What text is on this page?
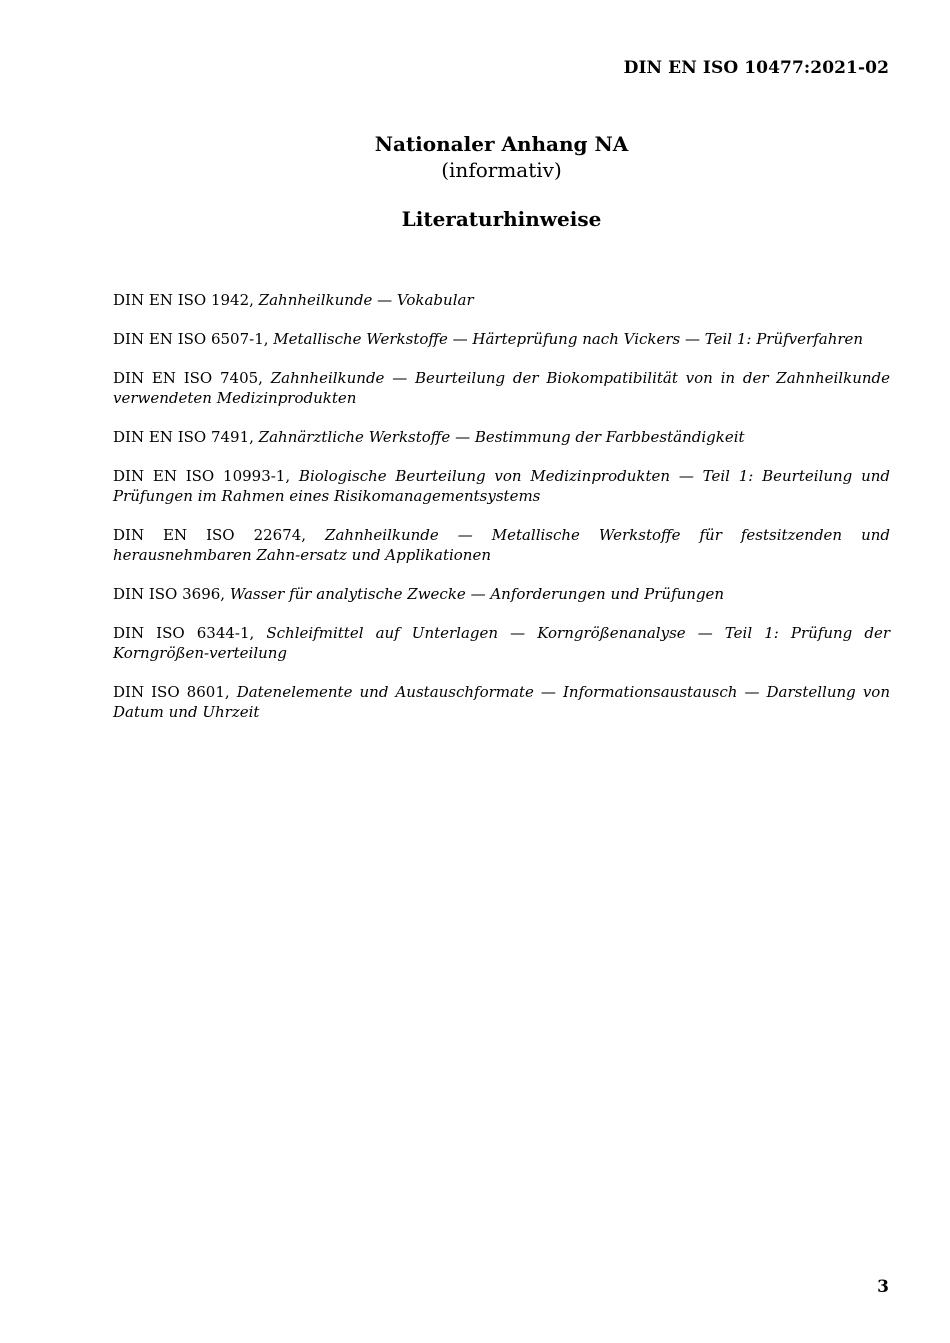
DIN EN ISO 10477:2021-02
Nationaler Anhang NA
(informativ)
Literaturhinweise
DIN EN ISO 1942, Zahnheilkunde — Vokabular
DIN EN ISO 6507-1, Metallische Werkstoffe — Härteprüfung nach Vickers — Teil 1: Prüfverfahren
DIN EN ISO 7405, Zahnheilkunde — Beurteilung der Biokompatibilität von in der Zahnheilkunde verwendeten Medizinprodukten
DIN EN ISO 7491, Zahnärztliche Werkstoffe — Bestimmung der Farbbeständigkeit
DIN EN ISO 10993-1, Biologische Beurteilung von Medizinprodukten — Teil 1: Beurteilung und Prüfungen im Rahmen eines Risikomanagementsystems
DIN EN ISO 22674, Zahnheilkunde — Metallische Werkstoffe für festsitzenden und herausnehmbaren Zahn-ersatz und Applikationen
DIN ISO 3696, Wasser für analytische Zwecke — Anforderungen und Prüfungen
DIN ISO 6344-1, Schleifmittel auf Unterlagen — Korngrößenanalyse — Teil 1: Prüfung der Korngrößen-verteilung
DIN ISO 8601, Datenelemente und Austauschformate — Informationsaustausch — Darstellung von Datum und Uhrzeit
3
